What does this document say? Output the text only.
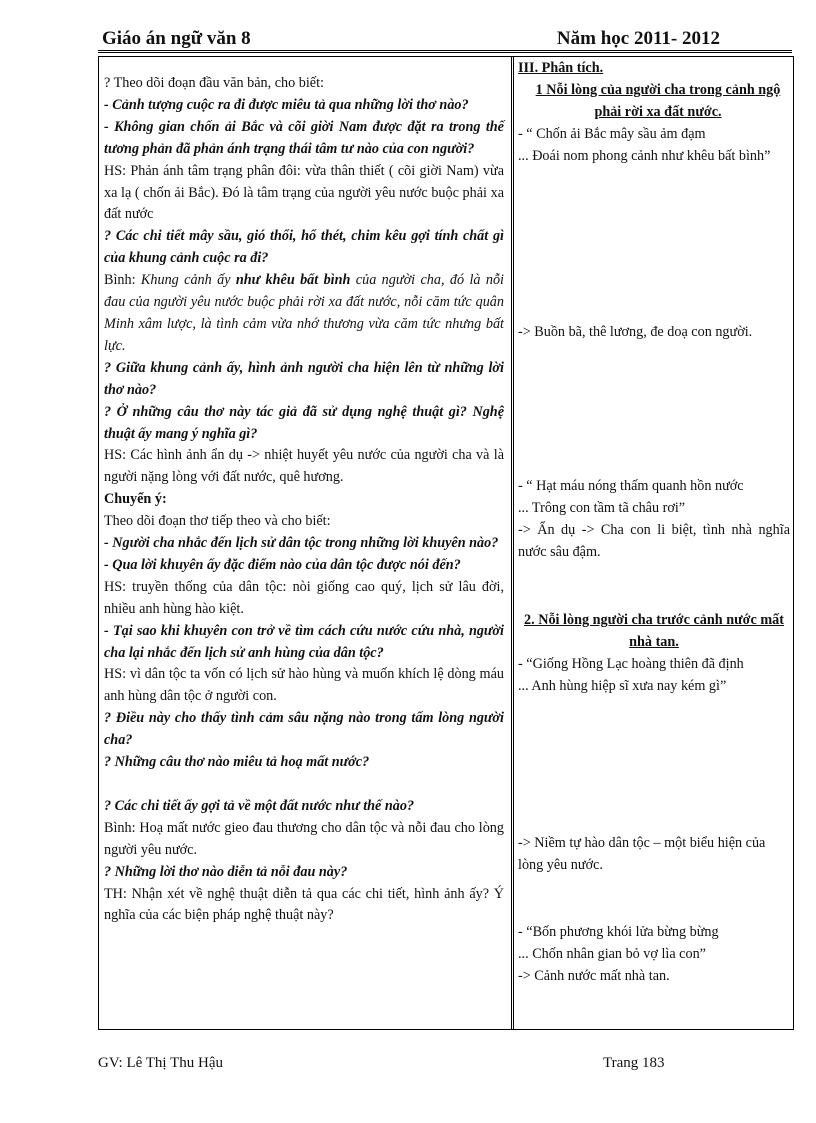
Giáo án ngữ văn 8	Năm học 2011- 2012

? Theo dõi đoạn đầu văn bản, cho biết:

- Cảnh tượng cuộc ra đi được miêu tả qua những lời thơ nào?

- Không gian chốn ải Bắc và cõi giời Nam được đặt ra trong thế tương phản đã phản ánh trạng thái tâm tư nào của con người?

HS: Phản ánh tâm trạng phân đôi: vừa thân thiết ( cõi giời Nam) vừa xa lạ ( chốn ải Bắc). Đó là tâm trạng của người yêu nước buộc phải xa đất nước

? Các chi tiết mây sầu, gió thổi, hổ thét, chim kêu gợi tính chất gì của khung cảnh cuộc ra đi?

Bình: Khung cảnh ấy như khêu bất bình của người cha, đó là nỗi đau của người yêu nước buộc phải rời xa đất nước, nỗi căm tức quân Minh xâm lược, là tình cảm vừa nhớ thương vừa căm tức nhưng bất lực.

? Giữa khung cảnh ấy, hình ảnh người cha hiện lên từ những lời thơ nào?

? Ở những câu thơ này tác giả đã sử dụng nghệ thuật gì? Nghệ thuật ấy mang ý nghĩa gì?

HS: Các hình ảnh ẩn dụ -> nhiệt huyết yêu nước của người cha và là người nặng lòng với đất nước, quê hương.

Chuyển ý:

Theo dõi đoạn thơ tiếp theo và cho biết:

- Người cha nhắc đến lịch sử dân tộc trong những lời khuyên nào?

- Qua lời khuyên ấy đặc điểm nào của dân tộc được nói đến?

HS: truyền thống của dân tộc: nòi giống cao quý, lịch sử lâu đời, nhiều anh hùng hào kiệt.

- Tại sao khi khuyên con trở về tìm cách cứu nước cứu nhà, người cha lại nhắc đến lịch sử anh hùng của dân tộc?

HS: vì dân tộc ta vốn có lịch sử hào hùng và muốn khích lệ dòng máu anh hùng dân tộc ở người con.

? Điều này cho thấy tình cảm sâu nặng nào trong tấm lòng người cha?

? Những câu thơ nào miêu tả hoạ mất nước?

? Các chi tiết ấy gợi tả về một đất nước như thế nào?

Bình: Hoạ mất nước gieo đau thương cho dân tộc và nỗi đau cho lòng người yêu nước.

? Những lời thơ nào diễn tả nỗi đau này?

TH: Nhận xét về nghệ thuật diễn tả qua các chi tiết, hình ảnh ấy? Ý nghĩa của các biện pháp nghệ thuật này?

III. Phân tích.

1 Nỗi lòng của người cha trong cảnh ngộ phải rời xa đất nước.

- “ Chốn ải Bắc mây sầu ảm đạm

... Đoái nom phong cảnh như khêu bất bình”

-> Buồn bã, thê lương, đe doạ con người.

- “ Hạt máu nóng thấm quanh hồn nước

... Trông con tầm tã châu rơi”

-> Ẩn dụ -> Cha con li biệt, tình nhà nghĩa nước sâu đậm.

2. Nỗi lòng người cha trước cảnh nước mất nhà tan.

- “Giống Hồng Lạc hoàng thiên đã định

... Anh hùng hiệp sĩ xưa nay kém gì”

-> Niềm tự hào dân tộc – một biểu hiện của lòng yêu nước.

- “Bốn phương khói lửa bừng bừng

... Chốn nhân gian bỏ vợ lìa con”

-> Cảnh nước mất nhà tan.

GV: Lê Thị Thu Hậu	Trang 183
